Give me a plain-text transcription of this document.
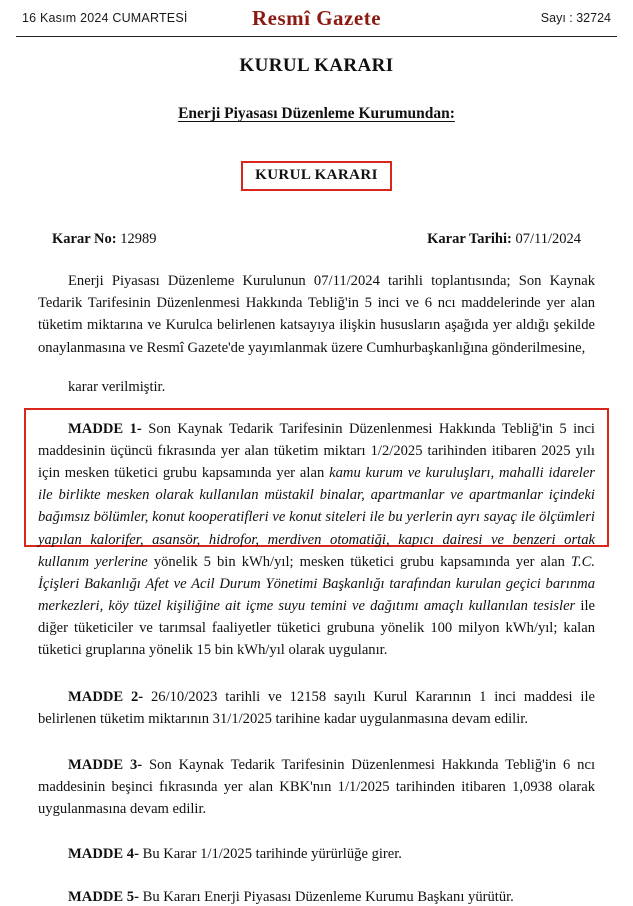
16 Kasım 2024 CUMARTESİ	Resmî Gazete	Sayı : 32724
KURUL KARARI
Enerji Piyasası Düzenleme Kurumundan:
KURUL KARARI
Karar No: 12989	Karar Tarihi: 07/11/2024

Enerji Piyasası Düzenleme Kurulunun 07/11/2024 tarihli toplantısında; Son Kaynak Tedarik Tarifesinin Düzenlenmesi Hakkında Tebliğ'in 5 inci ve 6 ncı maddelerinde yer alan tüketim miktarına ve Kurulca belirlenen katsayıya ilişkin hususların aşağıda yer aldığı şekilde onaylanmasına ve Resmî Gazete'de yayımlanmak üzere Cumhurbaşkanlığına gönderilmesine,

karar verilmiştir.

MADDE 1- Son Kaynak Tedarik Tarifesinin Düzenlenmesi Hakkında Tebliğ'in 5 inci maddesinin üçüncü fıkrasında yer alan tüketim miktarı 1/2/2025 tarihinden itibaren 2025 yılı için mesken tüketici grubu kapsamında yer alan kamu kurum ve kuruluşları, mahalli idareler ile birlikte mesken olarak kullanılan müstakil binalar, apartmanlar ve apartmanlar içindeki bağımsız bölümler, konut kooperatifleri ve konut siteleri ile bu yerlerin ayrı sayaç ile ölçümleri yapılan kalorifer, asansör, hidrofor, merdiven otomatiği, kapıcı dairesi ve benzeri ortak kullanım yerlerine yönelik 5 bin kWh/yıl; mesken tüketici grubu kapsamında yer alan T.C. İçişleri Bakanlığı Afet ve Acil Durum Yönetimi Başkanlığı tarafından kurulan geçici barınma merkezleri, köy tüzel kişiliğine ait içme suyu temini ve dağıtımı amaçlı kullanılan tesisler ile diğer tüketiciler ve tarımsal faaliyetler tüketici grubuna yönelik 100 milyon kWh/yıl; kalan tüketici gruplarına yönelik 15 bin kWh/yıl olarak uygulanır.

MADDE 2- 26/10/2023 tarihli ve 12158 sayılı Kurul Kararının 1 inci maddesi ile belirlenen tüketim miktarının 31/1/2025 tarihine kadar uygulanmasına devam edilir.

MADDE 3- Son Kaynak Tedarik Tarifesinin Düzenlenmesi Hakkında Tebliğ'in 6 ncı maddesinin beşinci fıkrasında yer alan KBK'nın 1/1/2025 tarihinden itibaren 1,0938 olarak uygulanmasına devam edilir.

MADDE 4- Bu Karar 1/1/2025 tarihinde yürürlüğe girer.
MADDE 5- Bu Kararı Enerji Piyasası Düzenleme Kurumu Başkanı yürütür.
